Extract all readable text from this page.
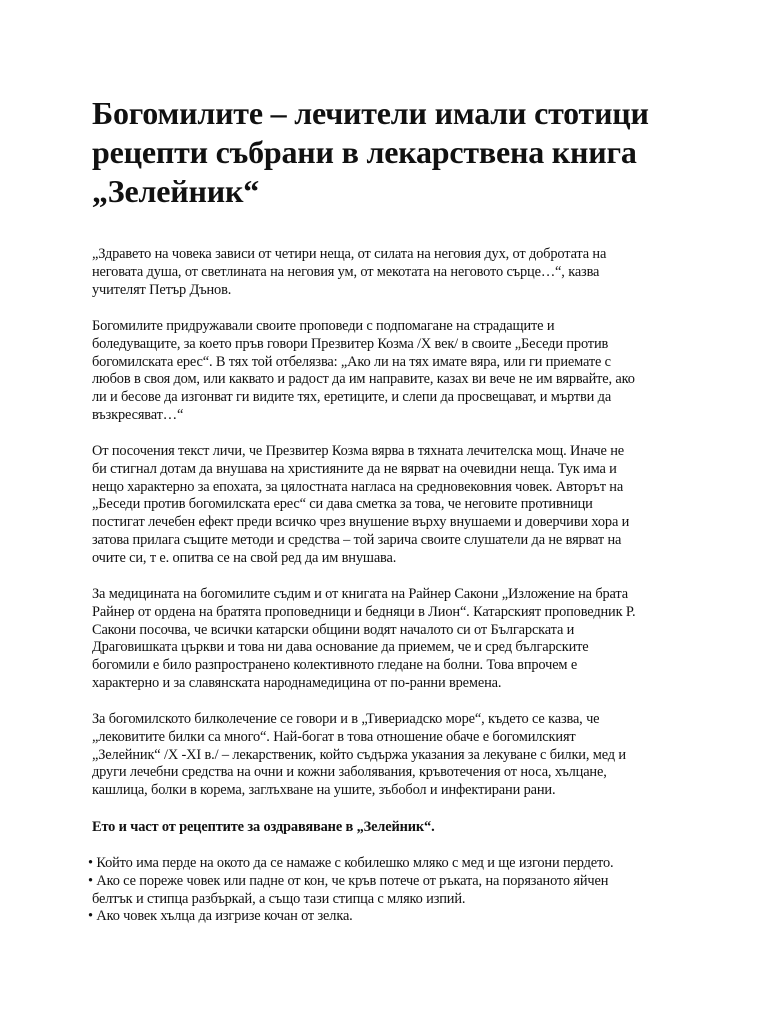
Богомилите – лечители имали стотици
рецепти събрани в лекарствена книга
„Зелейник“
„Здравето на човека зависи от четири неща, от силата на неговия дух, от добротата на
неговата душа, от светлината на неговия ум, от мекотата на неговото сърце…“, казва
учителят Петър Дънов.
Богомилите придружавали своите проповеди с подпомагане на страдащите и
боледуващите, за което пръв говори Презвитер Козма /Х век/ в своите „Беседи против
богомилската ерес“. В тях той отбелязва: „Ако ли на тях имате вяра, или ги приемате с
любов в своя дом, или каквато и радост да им направите, казах ви вече не им вярвайте, ако
ли и бесове да изгонват ги видите тях, еретиците, и слепи да просвещават, и мъртви да
възкресяват…“
От посочения текст личи, че Презвитер Козма вярва в тяхната лечителска мощ. Иначе не
би стигнал дотам да внушава на християните да не вярват на очевидни неща. Тук има и
нещо характерно за епохата, за цялостната нагласа на средновековния човек. Авторът на
„Беседи против богомилската ерес“ си дава сметка за това, че неговите противници
постигат лечебен ефект преди всичко чрез внушение върху внушаеми и доверчиви хора и
затова прилага същите методи и средства – той зарича своите слушатели да не вярват на
очите си, т е. опитва се на свой ред да им внушава.
За медицината на богомилите съдим и от книгата на Райнер Сакони „Изложение на брата
Райнер от ордена на братята проповедници и бедняци в Лион“. Катарският проповедник Р.
Сакони посочва, че всички катарски общини водят началото си от Българската и
Драговишката църкви и това ни дава основание да приемем, че и сред българските
богомили е било разпространено колективното гледане на болни. Това впрочем е
характерно и за славянската народнамедицина от по-ранни времена.
За богомилското билколечение се говори и в „Тивериадско море“, където се казва, че
„лековитите билки са много“. Най-богат в това отношение обаче е богомилският
„Зелейник“ /Х -ХI в./ – лекарственик, който съдържа указания за лекуване с билки, мед и
други лечебни средства на очни и кожни заболявания, кръвотечения от носа, хълцане,
кашлица, болки в корема, заглъхване на ушите, зъбобол и инфектирани рани.
Ето и част от рецептите за оздравяване в „Зелейник“.
• Който има перде на окото да се намаже с кобилешко мляко с мед и ще изгони пердето.
• Ако се пореже човек или падне от кон, че кръв потече от ръката, на порязаното яйчен
белтък и стипца разбъркай, а също тази стипца с мляко изпий.
• Ако човек хълца да изгризе кочан от зелка.
